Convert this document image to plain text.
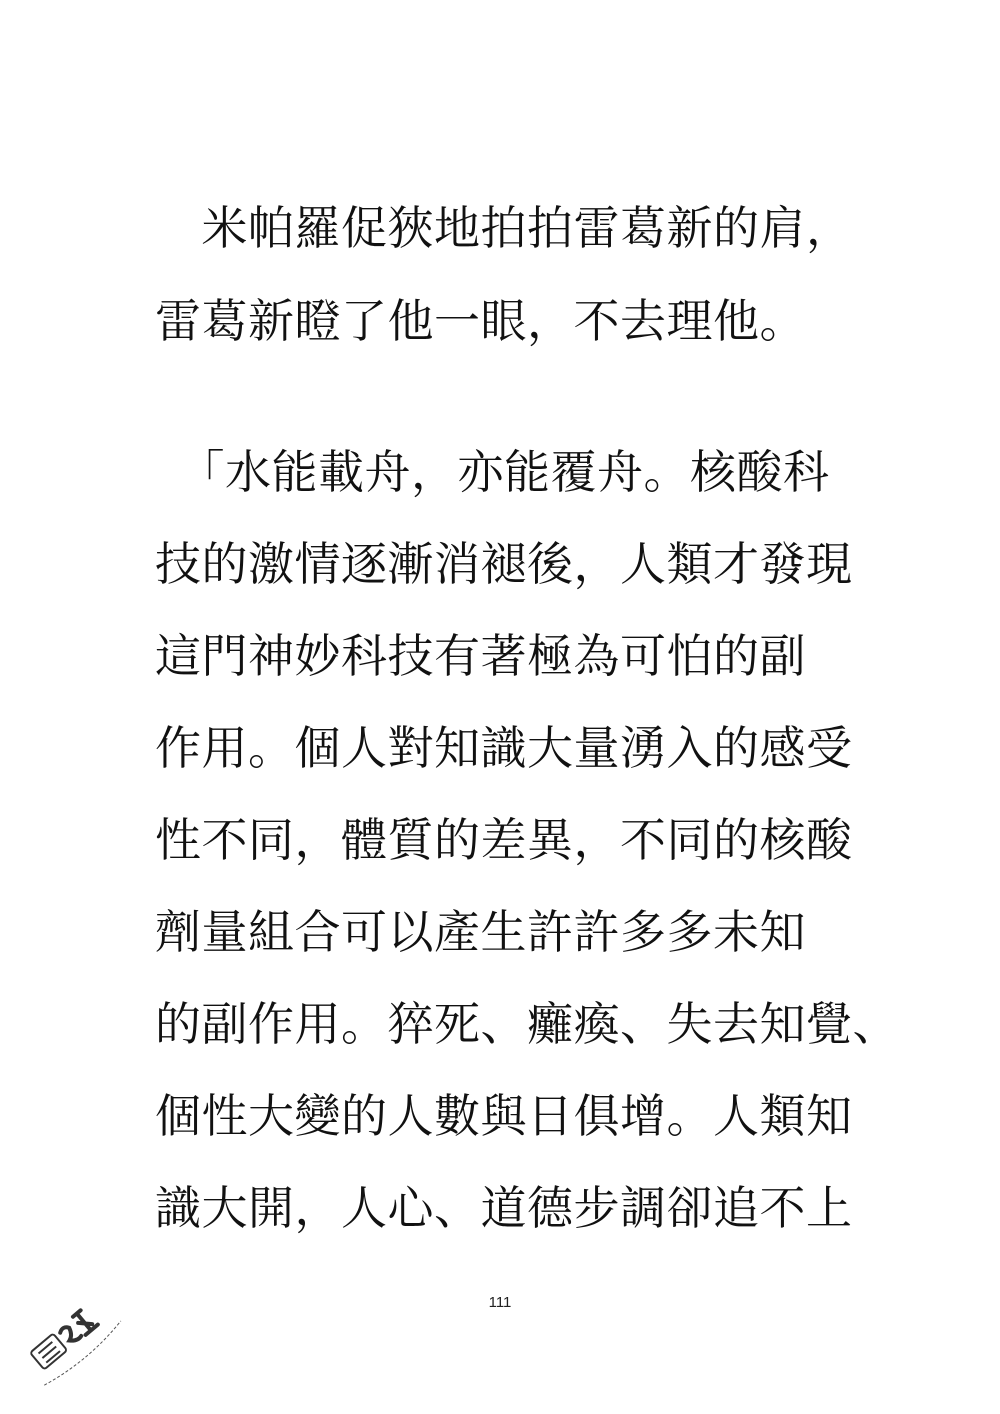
　米帕羅促狹地拍拍雷葛新的肩，
雷葛新瞪了他一眼，不去理他。
　「水能載舟，亦能覆舟。核酸科
技的激情逐漸消褪後，人類才發現
這門神妙科技有著極為可怕的副
作用。個人對知識大量湧入的感受
性不同，體質的差異，不同的核酸
劑量組合可以產生許許多多未知
的副作用。猝死、癱瘓、失去知覺、
個性大變的人數與日俱增。人類知
識大開，人心、道德步調卻追不上
111
